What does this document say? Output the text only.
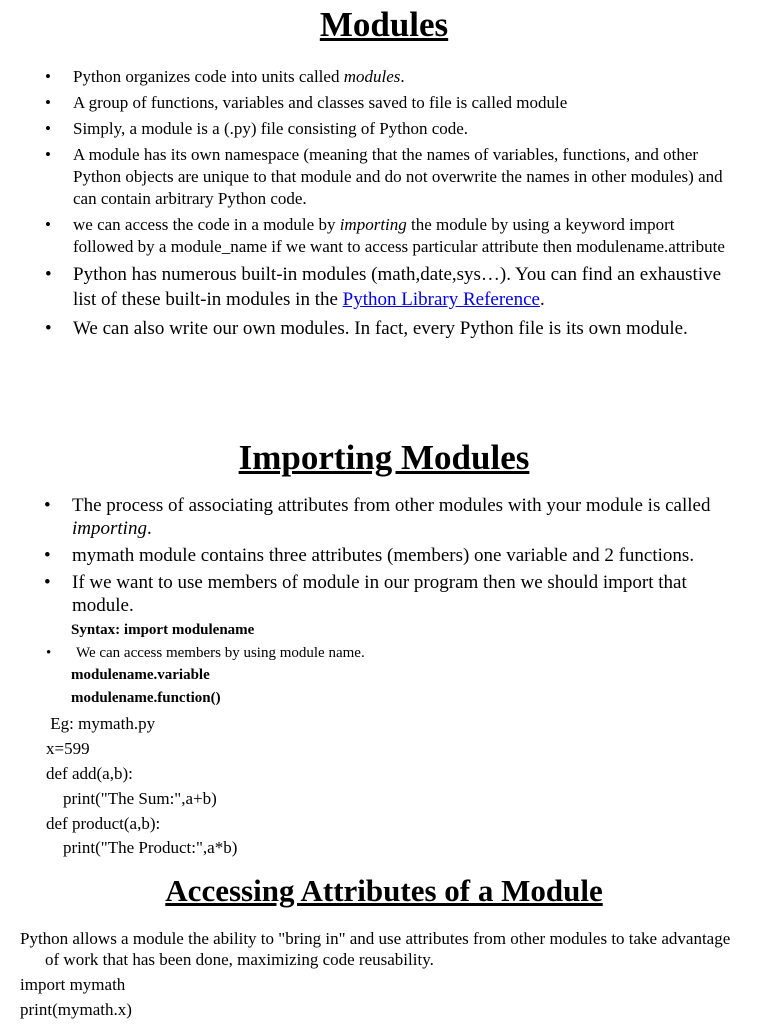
Modules
• Python organizes code into units called modules.
• A group of functions, variables and classes saved to file is called module
• Simply, a module is a (.py) file consisting of Python code.
• A module has its own namespace (meaning that the names of variables, functions, and other Python objects are unique to that module and do not overwrite the names in other modules) and can contain arbitrary Python code.
• we can access the code in a module by importing the module by using a keyword import followed by a module_name if we want to access particular attribute then modulename.attribute
• Python has numerous built-in modules (math,date,sys…). You can find an exhaustive list of these built-in modules in the Python Library Reference.
• We can also write our own modules. In fact, every Python file is its own module.
Importing Modules
• The process of associating attributes from other modules with your module is called importing.
• mymath module contains three attributes (members) one variable and 2 functions.
• If we want to use members of module in our program then we should import that module.
Syntax: import modulename
• We can access members by using module name.
modulename.variable
modulename.function()
Eg: mymath.py
x=599
def add(a,b):
print("The Sum:",a+b)
def product(a,b):
print("The Product:",a*b)
Accessing Attributes of a Module
Python allows a module the ability to "bring in" and use attributes from other modules to take advantage of work that has been done, maximizing code reusability.
import mymath
print(mymath.x)
